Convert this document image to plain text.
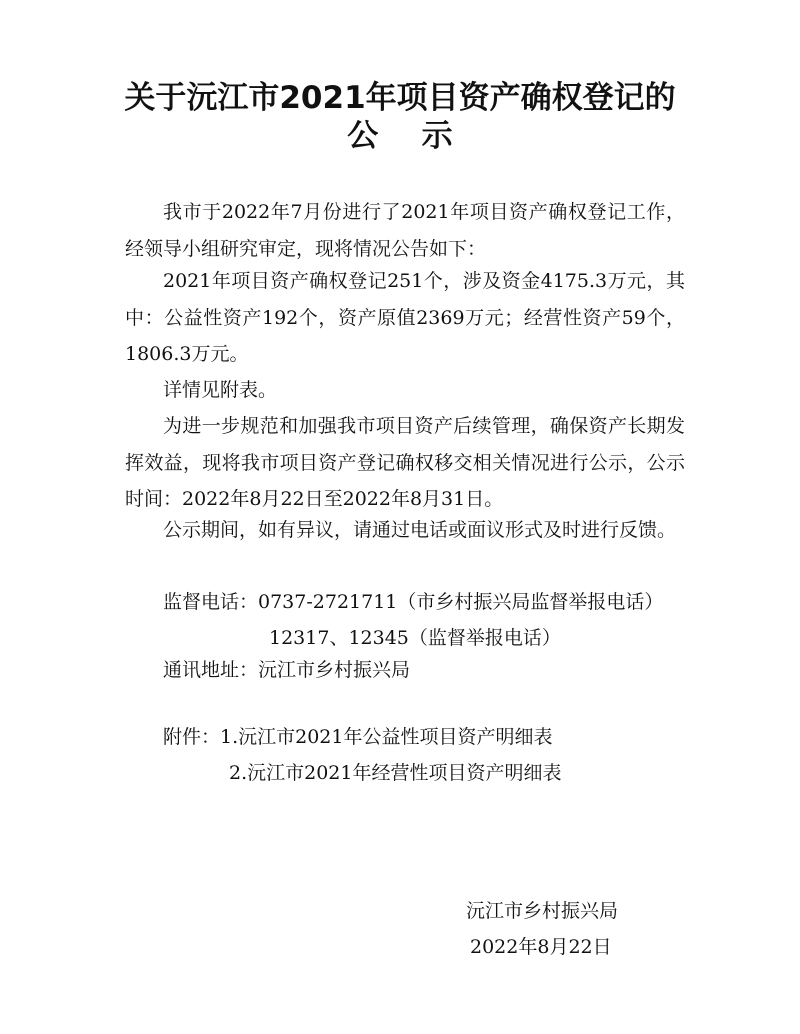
关于沅江市2021年项目资产确权登记的
公示

我市于2022年7月份进行了2021年项目资产确权登记工作，经领导小组研究审定，现将情况公告如下：

2021年项目资产确权登记251个，涉及资金4175.3万元，其中：公益性资产192个，资产原值2369万元；经营性资产59个，1806.3万元。

详情见附表。

为进一步规范和加强我市项目资产后续管理，确保资产长期发挥效益，现将我市项目资产登记确权移交相关情况进行公示，公示时间：2022年8月22日至2022年8月31日。

公示期间，如有异议，请通过电话或面议形式及时进行反馈。

监督电话：0737-2721711（市乡村振兴局监督举报电话）

12317、12345（监督举报电话）

通讯地址：沅江市乡村振兴局

附件：1.沅江市2021年公益性项目资产明细表

2.沅江市2021年经营性项目资产明细表

沅江市乡村振兴局
2022年8月22日
